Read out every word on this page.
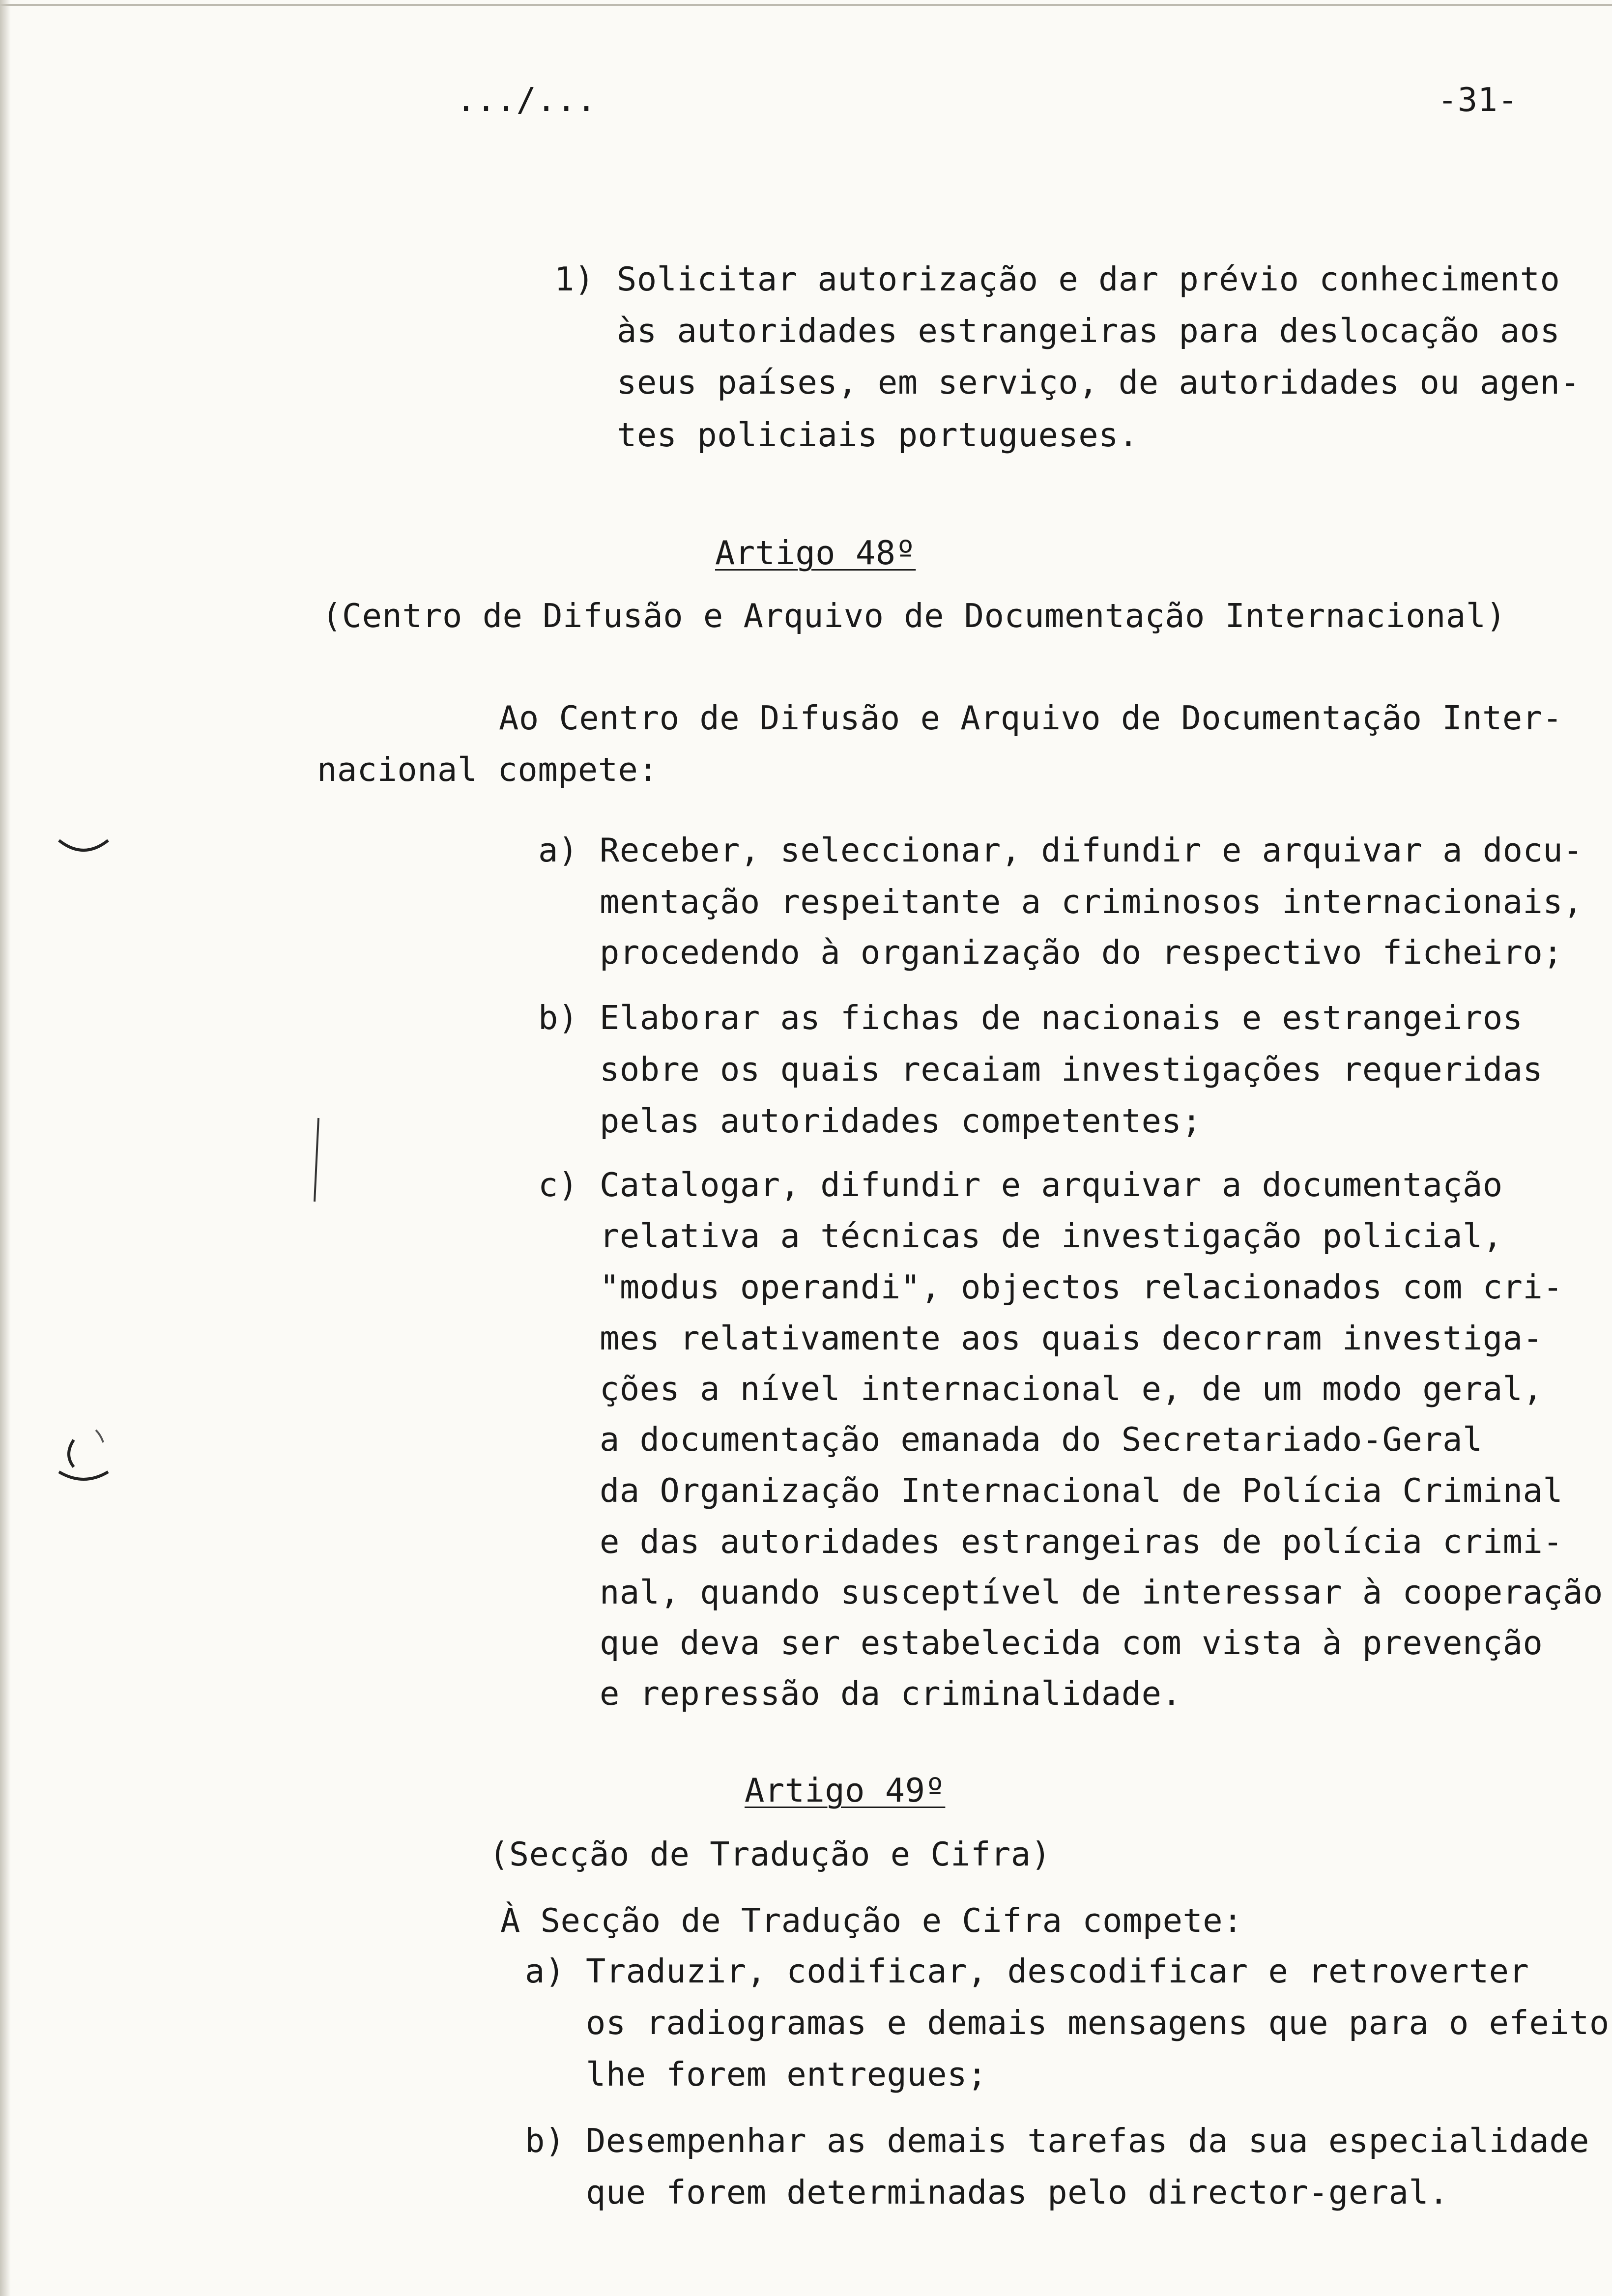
.../...	-31-
1) Solicitar autorização e dar prévio conhecimento
às autoridades estrangeiras para deslocação aos
seus países, em serviço, de autoridades ou agen-
tes policiais portugueses.
Artigo 48º
(Centro de Difusão e Arquivo de Documentação Internacional)
Ao Centro de Difusão e Arquivo de Documentação Inter-
nacional compete:
a) Receber, seleccionar, difundir e arquivar a docu-
mentação respeitante a criminosos internacionais,
procedendo à organização do respectivo ficheiro;
b) Elaborar as fichas de nacionais e estrangeiros
sobre os quais recaiam investigações requeridas
pelas autoridades competentes;
c) Catalogar, difundir e arquivar a documentação
relativa a técnicas de investigação policial,
"modus operandi", objectos relacionados com cri-
mes relativamente aos quais decorram investiga-
ções a nível internacional e, de um modo geral,
a documentação emanada do Secretariado-Geral
da Organização Internacional de Polícia Criminal
e das autoridades estrangeiras de polícia crimi-
nal, quando susceptível de interessar à cooperação
que deva ser estabelecida com vista à prevenção
e repressão da criminalidade.
Artigo 49º
(Secção de Tradução e Cifra)
À Secção de Tradução e Cifra compete:
a) Traduzir, codificar, descodificar e retroverter
os radiogramas e demais mensagens que para o efeito
lhe forem entregues;
b) Desempenhar as demais tarefas da sua especialidade
que forem determinadas pelo director-geral.
